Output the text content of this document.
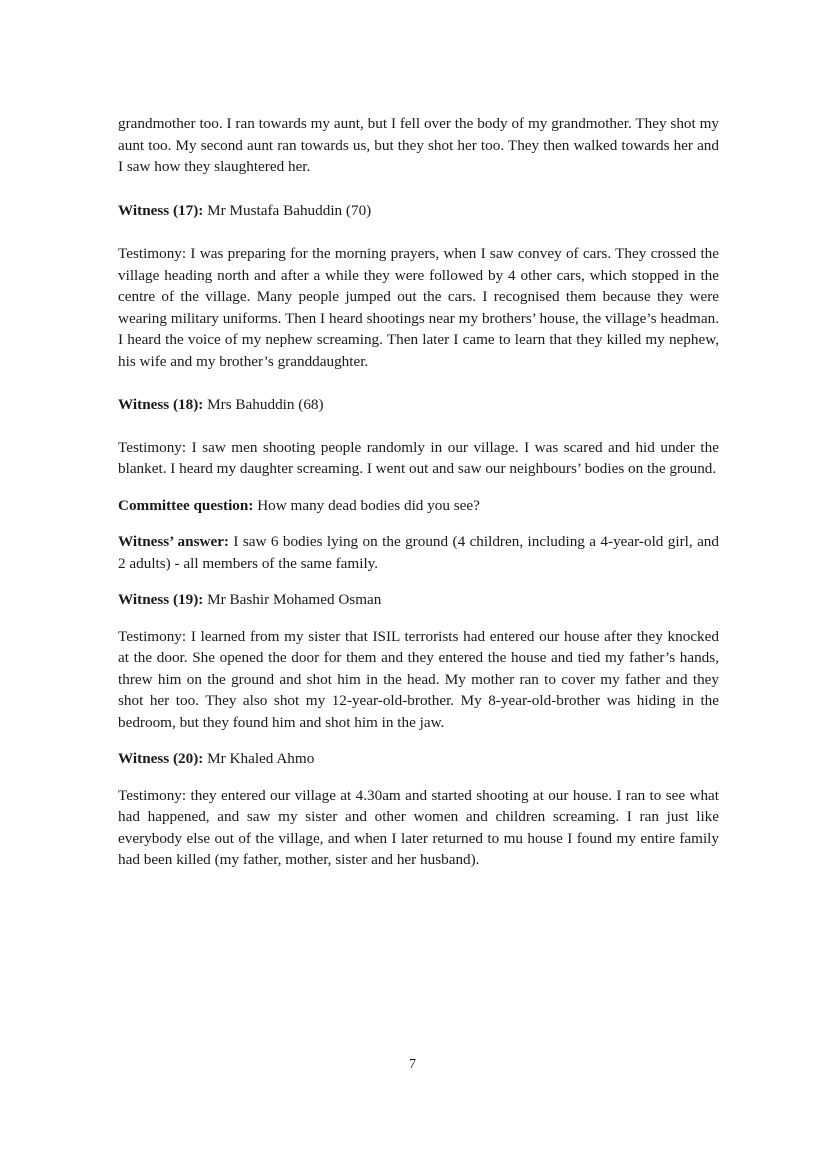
grandmother too. I ran towards my aunt, but I fell over the body of my grandmother. They shot my aunt too. My second aunt ran towards us, but they shot her too. They then walked towards her and I saw how they slaughtered her.

Witness (17): Mr Mustafa Bahuddin (70)

Testimony: I was preparing for the morning prayers, when I saw convey of cars. They crossed the village heading north and after a while they were followed by 4 other cars, which stopped in the centre of the village. Many people jumped out the cars. I recognised them because they were wearing military uniforms. Then I heard shootings near my brothers’ house, the village’s headman. I heard the voice of my nephew screaming. Then later I came to learn that they killed my nephew, his wife and my brother’s granddaughter.

Witness (18): Mrs Bahuddin (68)

Testimony: I saw men shooting people randomly in our village. I was scared and hid under the blanket. I heard my daughter screaming. I went out and saw our neighbours’ bodies on the ground.

Committee question: How many dead bodies did you see?

Witness’ answer: I saw 6 bodies lying on the ground (4 children, including a 4-year-old girl, and 2 adults) - all members of the same family.

Witness (19): Mr Bashir Mohamed Osman

Testimony: I learned from my sister that ISIL terrorists had entered our house after they knocked at the door. She opened the door for them and they entered the house and tied my father’s hands, threw him on the ground and shot him in the head. My mother ran to cover my father and they shot her too. They also shot my 12-year-old-brother. My 8-year-old-brother was hiding in the bedroom, but they found him and shot him in the jaw.

Witness (20): Mr Khaled Ahmo

Testimony: they entered our village at 4.30am and started shooting at our house. I ran to see what had happened, and saw my sister and other women and children screaming. I ran just like everybody else out of the village, and when I later returned to mu house I found my entire family had been killed (my father, mother, sister and her husband).

7
